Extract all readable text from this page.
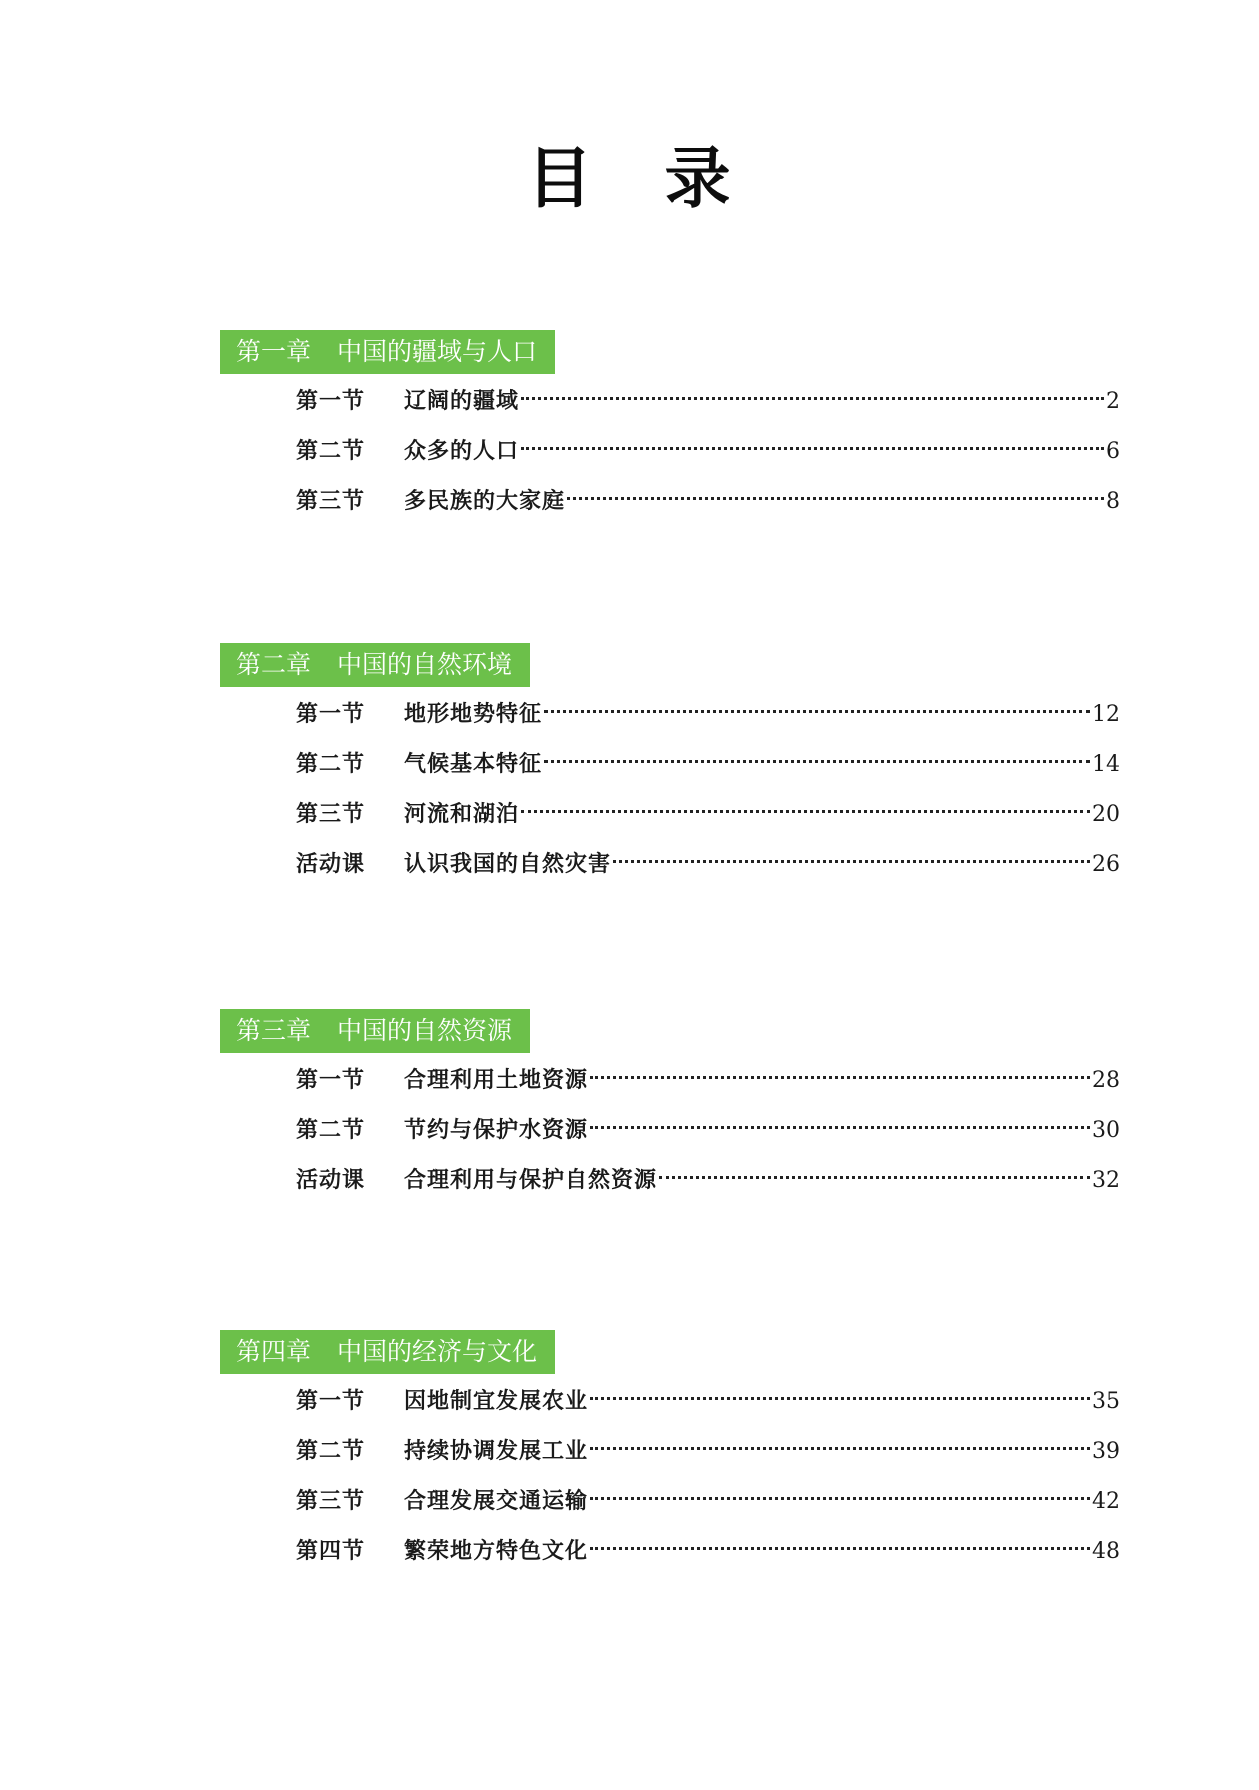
目 录
第一章 中国的疆域与人口
第一节	辽阔的疆域	2
第二节	众多的人口	6
第三节	多民族的大家庭	8
第二章 中国的自然环境
第一节	地形地势特征	12
第二节	气候基本特征	14
第三节	河流和湖泊	20
活动课	认识我国的自然灾害	26
第三章 中国的自然资源
第一节	合理利用土地资源	28
第二节	节约与保护水资源	30
活动课	合理利用与保护自然资源	32
第四章 中国的经济与文化
第一节	因地制宜发展农业	35
第二节	持续协调发展工业	39
第三节	合理发展交通运输	42
第四节	繁荣地方特色文化	48
